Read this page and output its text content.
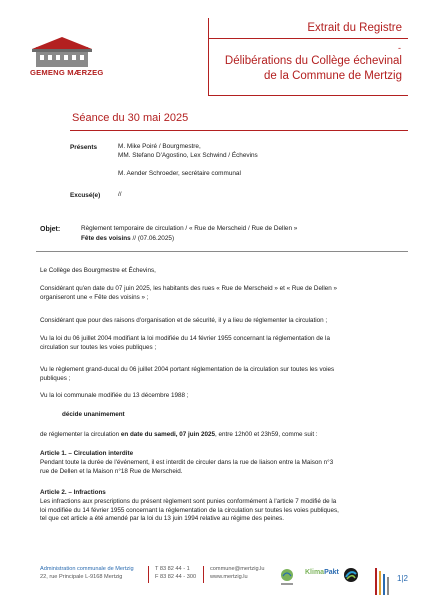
GEMENG MÆRZEG
Extrait du Registre
-
Délibérations du Collège échevinal
de la Commune de Mertzig
Séance du 30 mai 2025
Présents	M. Mike Poiré / Bourgmestre,
MM. Stefano D'Agostino, Lex Schwind / Échevins
M. Aender Schroeder, secrétaire communal
Excusé(e)	//
Objet:	Règlement temporaire de circulation / « Rue de Merscheid / Rue de Dellen »
Fête des voisins // (07.06.2025)
Le Collège des Bourgmestre et Échevins,
Considérant qu'en date du 07 juin 2025, les habitants des rues « Rue de Merscheid » et « Rue de Dellen »
organiseront une « Fête des voisins » ;
Considérant que pour des raisons d'organisation et de sécurité, il y a lieu de réglementer la circulation ;
Vu la loi du 06 juillet 2004 modifiant la loi modifiée du 14 février 1955 concernant la réglementation de la
circulation sur toutes les voies publiques ;
Vu le règlement grand-ducal du 06 juillet 2004 portant réglementation de la circulation sur toutes les voies
publiques ;
Vu la loi communale modifiée du 13 décembre 1988 ;
décide unanimement
de réglementer la circulation en date du samedi, 07 juin 2025, entre 12h00 et 23h59, comme suit :
Article 1. – Circulation interdite
Pendant toute la durée de l'événement, il est interdit de circuler dans la rue de liaison entre la Maison n°3
rue de Dellen et la Maison n°18 Rue de Merscheid.
Article 2. – Infractions
Les infractions aux prescriptions du présent règlement sont punies conformément à l'article 7 modifié de la
loi modifiée du 14 février 1955 concernant la réglementation de la circulation sur toutes les voies publiques,
tel que cet article a été amendé par la loi du 13 juin 1994 relative au régime des peines.
Administration communale de Mertzig
22, rue Principale L-9168 Mertzig
T 83 82 44 - 1
F 83 82 44 - 300
commune@mertzig.lu
www.mertzig.lu
KlimaPakt
1|2
